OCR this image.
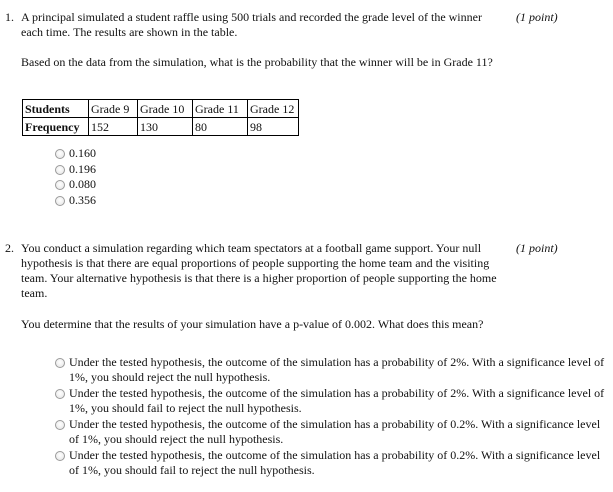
1. A principal simulated a student raffle using 500 trials and recorded the grade level of the winner each time. The results are shown in the table.
(1 point)
Based on the data from the simulation, what is the probability that the winner will be in Grade 11?
Students	Grade 9	Grade 10	Grade 11	Grade 12
Frequency	152	130	80	98
0.160
0.196
0.080
0.356
2. You conduct a simulation regarding which team spectators at a football game support. Your null hypothesis is that there are equal proportions of people supporting the home team and the visiting team. Your alternative hypothesis is that there is a higher proportion of people supporting the home team.
(1 point)
You determine that the results of your simulation have a p-value of 0.002. What does this mean?
Under the tested hypothesis, the outcome of the simulation has a probability of 2%. With a significance level of 1%, you should reject the null hypothesis.
Under the tested hypothesis, the outcome of the simulation has a probability of 2%. With a significance level of 1%, you should fail to reject the null hypothesis.
Under the tested hypothesis, the outcome of the simulation has a probability of 0.2%. With a significance level of 1%, you should reject the null hypothesis.
Under the tested hypothesis, the outcome of the simulation has a probability of 0.2%. With a significance level of 1%, you should fail to reject the null hypothesis.
